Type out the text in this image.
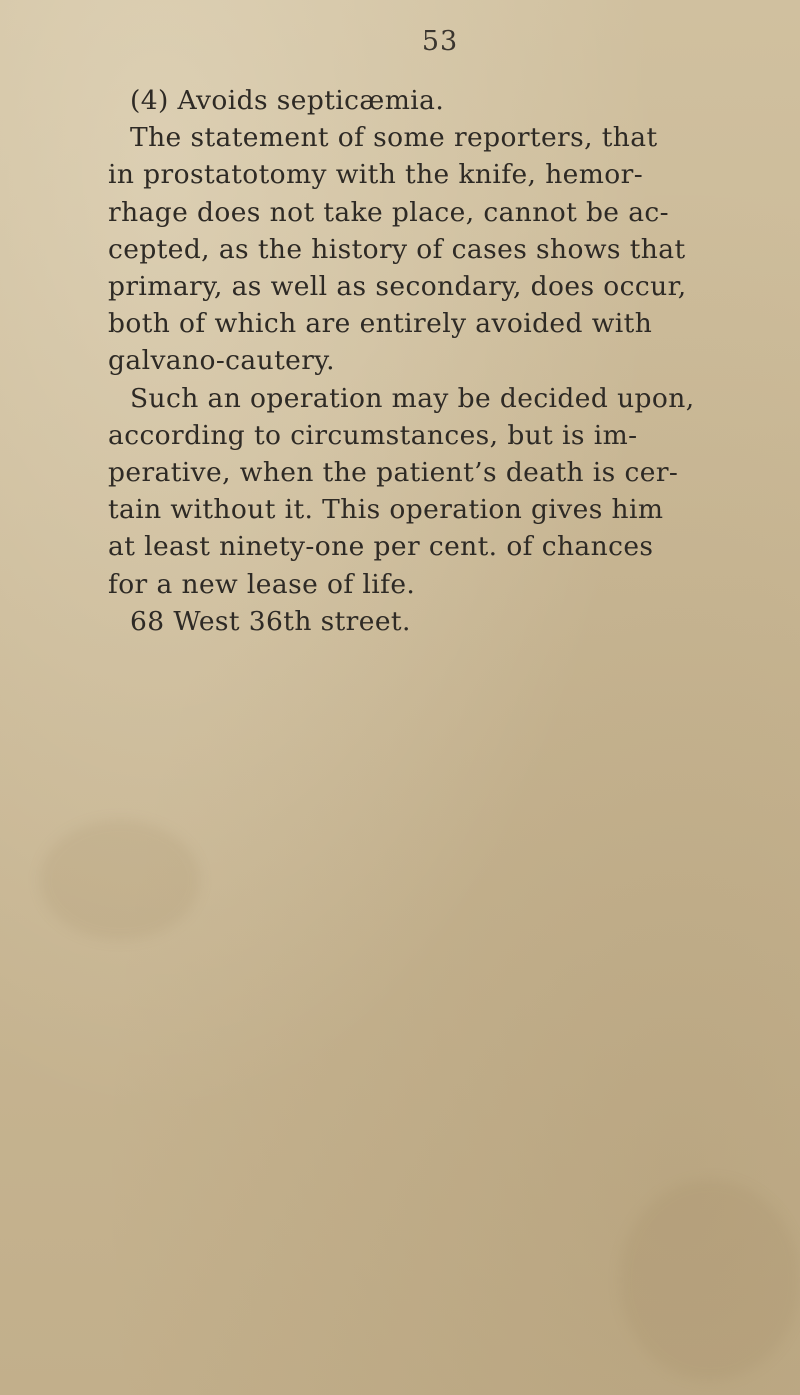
53
(4) Avoids septicæmia.
The statement of some reporters, that
in prostatotomy with the knife, hemor-
rhage does not take place, cannot be ac-
cepted, as the history of cases shows that
primary, as well as secondary, does occur,
both of which are entirely avoided with
galvano-cautery.
Such an operation may be decided upon,
according to circumstances, but is im-
perative, when the patient’s death is cer-
tain without it. This operation gives him
at least ninety-one per cent. of chances
for a new lease of life.
68 West 36th street.
